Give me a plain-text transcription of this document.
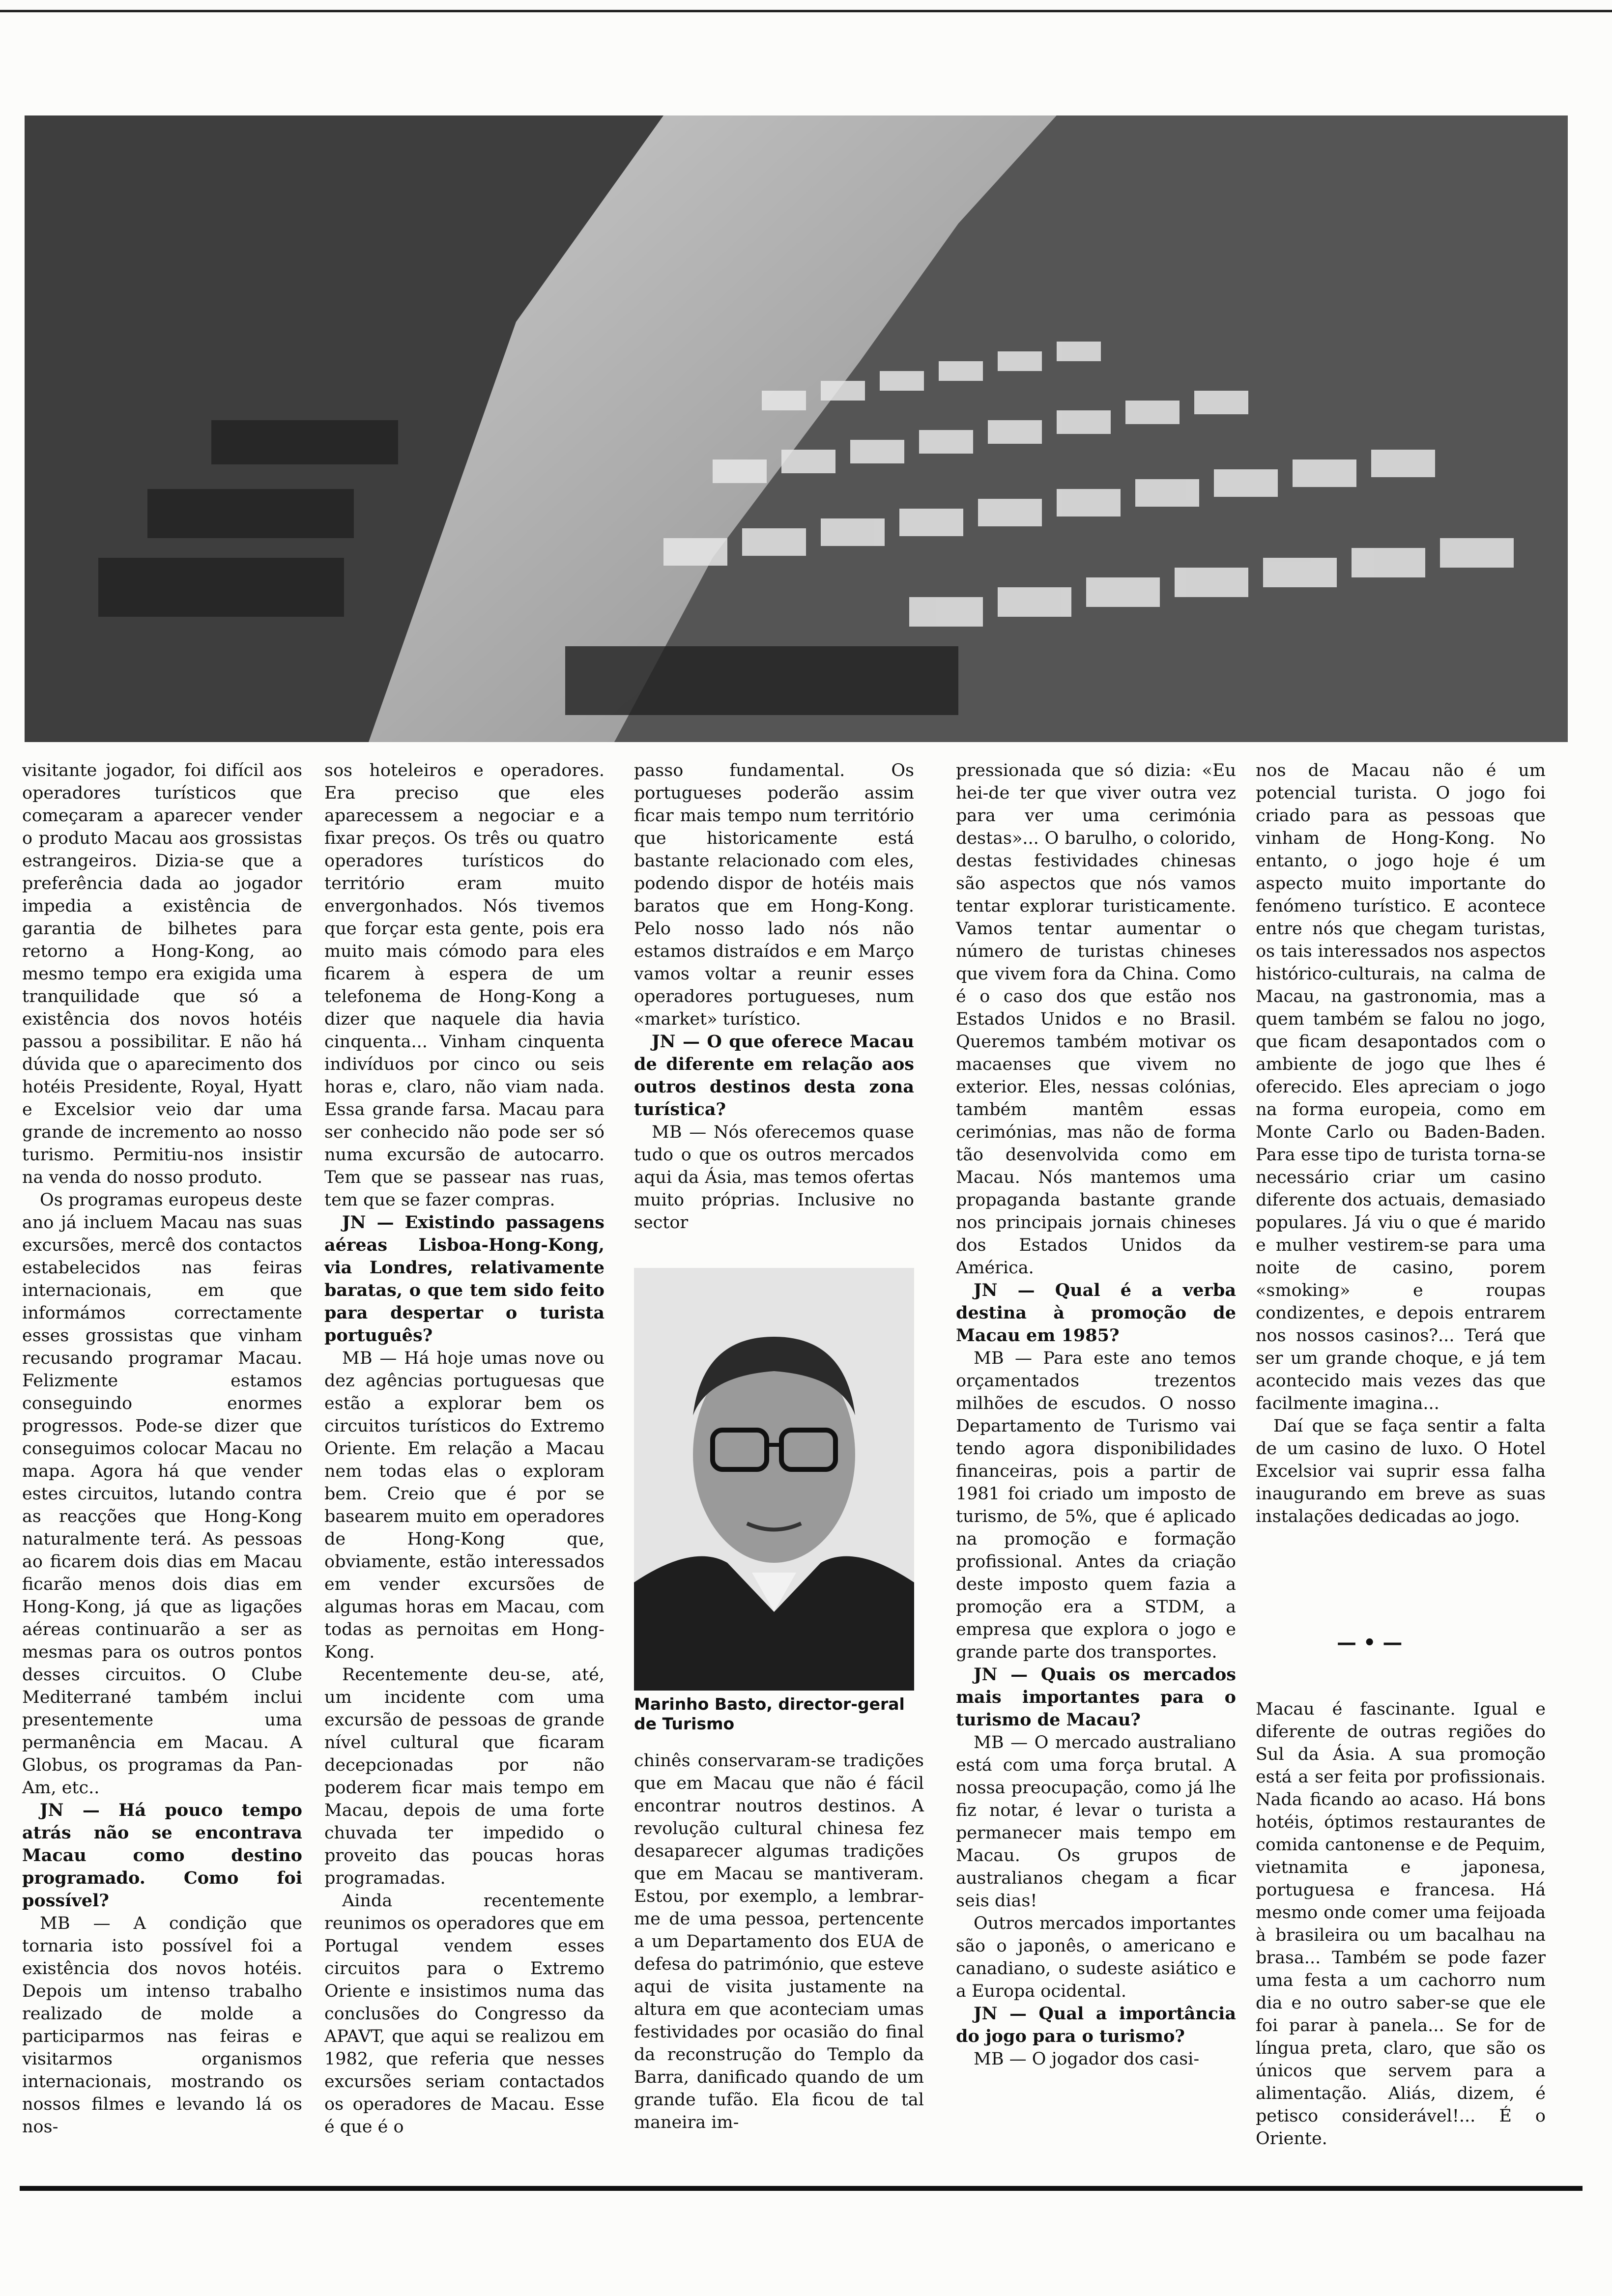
visitante jogador, foi difícil aos operadores turísticos que começaram a aparecer vender o produto Macau aos grossistas estrangeiros. Dizia-se que a preferência dada ao jogador impedia a existência de garantia de bilhetes para retorno a Hong-Kong, ao mesmo tempo era exigida uma tranquilidade que só a existência dos novos hotéis passou a possibilitar. E não há dúvida que o aparecimento dos hotéis Presidente, Royal, Hyatt e Excelsior veio dar uma grande de incremento ao nosso turismo. Permitiu-nos insistir na venda do nosso produto.

Os programas europeus deste ano já incluem Macau nas suas excursões, mercê dos contactos estabelecidos nas feiras internacionais, em que informámos correctamente esses grossistas que vinham recusando programar Macau. Felizmente estamos conseguindo enormes progressos. Pode-se dizer que conseguimos colocar Macau no mapa. Agora há que vender estes circuitos, lutando contra as reacções que Hong-Kong naturalmente terá. As pessoas ao ficarem dois dias em Macau ficarão menos dois dias em Hong-Kong, já que as ligações aéreas continuarão a ser as mesmas para os outros pontos desses circuitos. O Clube Mediterrané também inclui presentemente uma permanência em Macau. A Globus, os programas da Pan-Am, etc..

JN — Há pouco tempo atrás não se encontrava Macau como destino programado. Como foi possível?

MB — A condição que tornaria isto possível foi a existência dos novos hotéis. Depois um intenso trabalho realizado de molde a participarmos nas feiras e visitarmos organismos internacionais, mostrando os nossos filmes e levando lá os nos-

sos hoteleiros e operadores. Era preciso que eles aparecessem a negociar e a fixar preços. Os três ou quatro operadores turísticos do território eram muito envergonhados. Nós tivemos que forçar esta gente, pois era muito mais cómodo para eles ficarem à espera de um telefonema de Hong-Kong a dizer que naquele dia havia cinquenta... Vinham cinquenta indivíduos por cinco ou seis horas e, claro, não viam nada. Essa grande farsa. Macau para ser conhecido não pode ser só numa excursão de autocarro. Tem que se passear nas ruas, tem que se fazer compras.

JN — Existindo passagens aéreas Lisboa-Hong-Kong, via Londres, relativamente baratas, o que tem sido feito para despertar o turista português?

MB — Há hoje umas nove ou dez agências portuguesas que estão a explorar bem os circuitos turísticos do Extremo Oriente. Em relação a Macau nem todas elas o exploram bem. Creio que é por se basearem muito em operadores de Hong-Kong que, obviamente, estão interessados em vender excursões de algumas horas em Macau, com todas as pernoitas em Hong-Kong.

Recentemente deu-se, até, um incidente com uma excursão de pessoas de grande nível cultural que ficaram decepcionadas por não poderem ficar mais tempo em Macau, depois de uma forte chuvada ter impedido o proveito das poucas horas programadas.

Ainda recentemente reunimos os operadores que em Portugal vendem esses circuitos para o Extremo Oriente e insistimos numa das conclusões do Congresso da APAVT, que aqui se realizou em 1982, que referia que nesses excursões seriam contactados os operadores de Macau. Esse é que é o

passo fundamental. Os portugueses poderão assim ficar mais tempo num território que historicamente está bastante relacionado com eles, podendo dispor de hotéis mais baratos que em Hong-Kong. Pelo nosso lado nós não estamos distraídos e em Março vamos voltar a reunir esses operadores portugueses, num «market» turístico.

JN — O que oferece Macau de diferente em relação aos outros destinos desta zona turística?

MB — Nós oferecemos quase tudo o que os outros mercados aqui da Ásia, mas temos ofertas muito próprias. Inclusive no sector

Marinho Basto, director-geral de Turismo

chinês conservaram-se tradições que em Macau que não é fácil encontrar noutros destinos. A revolução cultural chinesa fez desaparecer algumas tradições que em Macau se mantiveram. Estou, por exemplo, a lembrar-me de uma pessoa, pertencente a um Departamento dos EUA de defesa do património, que esteve aqui de visita justamente na altura em que aconteciam umas festividades por ocasião do final da reconstrução do Templo da Barra, danificado quando de um grande tufão. Ela ficou de tal maneira im-

pressionada que só dizia: «Eu hei-de ter que viver outra vez para ver uma cerimónia destas»... O barulho, o colorido, destas festividades chinesas são aspectos que nós vamos tentar explorar turisticamente. Vamos tentar aumentar o número de turistas chineses que vivem fora da China. Como é o caso dos que estão nos Estados Unidos e no Brasil. Queremos também motivar os macaenses que vivem no exterior. Eles, nessas colónias, também mantêm essas cerimónias, mas não de forma tão desenvolvida como em Macau. Nós mantemos uma propaganda bastante grande nos principais jornais chineses dos Estados Unidos da América.

JN — Qual é a verba destina à promoção de Macau em 1985?

MB — Para este ano temos orçamentados trezentos milhões de escudos. O nosso Departamento de Turismo vai tendo agora disponibilidades financeiras, pois a partir de 1981 foi criado um imposto de turismo, de 5%, que é aplicado na promoção e formação profissional. Antes da criação deste imposto quem fazia a promoção era a STDM, a empresa que explora o jogo e grande parte dos transportes.

JN — Quais os mercados mais importantes para o turismo de Macau?

MB — O mercado australiano está com uma força brutal. A nossa preocupação, como já lhe fiz notar, é levar o turista a permanecer mais tempo em Macau. Os grupos de australianos chegam a ficar seis dias!

Outros mercados importantes são o japonês, o americano e canadiano, o sudeste asiático e a Europa ocidental.

JN — Qual a importância do jogo para o turismo?

MB — O jogador dos casi-

nos de Macau não é um potencial turista. O jogo foi criado para as pessoas que vinham de Hong-Kong. No entanto, o jogo hoje é um aspecto muito importante do fenómeno turístico. E acontece entre nós que chegam turistas, os tais interessados nos aspectos histórico-culturais, na calma de Macau, na gastronomia, mas a quem também se falou no jogo, que ficam desapontados com o ambiente de jogo que lhes é oferecido. Eles apreciam o jogo na forma europeia, como em Monte Carlo ou Baden-Baden. Para esse tipo de turista torna-se necessário criar um casino diferente dos actuais, demasiado populares. Já viu o que é marido e mulher vestirem-se para uma noite de casino, porem «smoking» e roupas condizentes, e depois entrarem nos nossos casinos?... Terá que ser um grande choque, e já tem acontecido mais vezes das que facilmente imagina...

Daí que se faça sentir a falta de um casino de luxo. O Hotel Excelsior vai suprir essa falha inaugurando em breve as suas instalações dedicadas ao jogo.

— • —

Macau é fascinante. Igual e diferente de outras regiões do Sul da Ásia. A sua promoção está a ser feita por profissionais. Nada ficando ao acaso. Há bons hotéis, óptimos restaurantes de comida cantonense e de Pequim, vietnamita e japonesa, portuguesa e francesa. Há mesmo onde comer uma feijoada à brasileira ou um bacalhau na brasa... Também se pode fazer uma festa a um cachorro num dia e no outro saber-se que ele foi parar à panela... Se for de língua preta, claro, que são os únicos que servem para a alimentação. Aliás, dizem, é petisco considerável!... É o Oriente.
